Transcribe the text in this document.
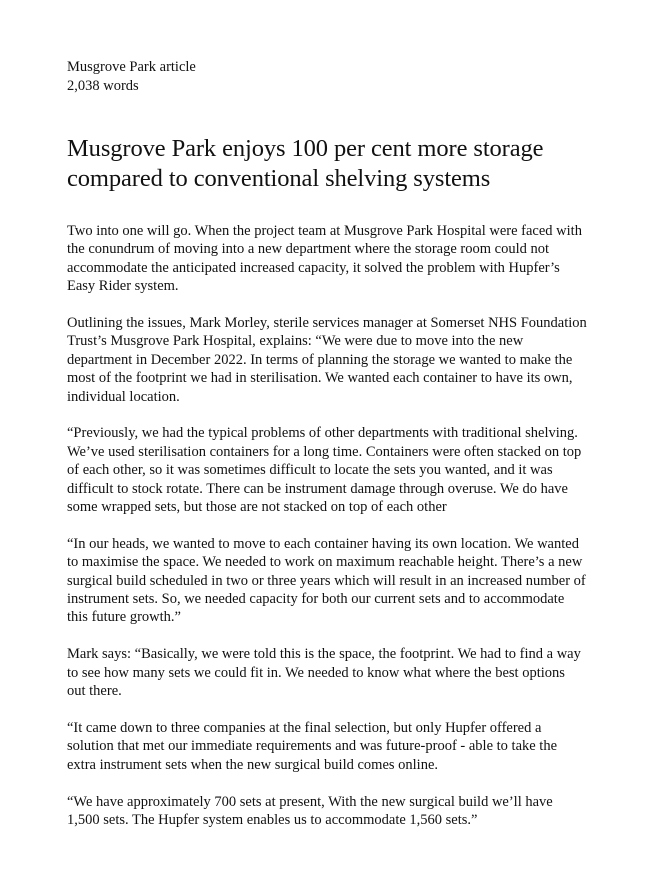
Musgrove Park article

2,038 words

Musgrove Park enjoys 100 per cent more storage
compared to conventional shelving systems

Two into one will go. When the project team at Musgrove Park Hospital were faced with the conundrum of moving into a new department where the storage room could not accommodate the anticipated increased capacity, it solved the problem with Hupfer’s Easy Rider system.

Outlining the issues, Mark Morley, sterile services manager at Somerset NHS Foundation Trust’s Musgrove Park Hospital, explains: “We were due to move into the new department in December 2022. In terms of planning the storage we wanted to make the most of the footprint we had in sterilisation. We wanted each container to have its own, individual location.

“Previously, we had the typical problems of other departments with traditional shelving. We’ve used sterilisation containers for a long time. Containers were often stacked on top of each other, so it was sometimes difficult to locate the sets you wanted, and it was difficult to stock rotate. There can be instrument damage through overuse. We do have some wrapped sets, but those are not stacked on top of each other

“In our heads, we wanted to move to each container having its own location. We wanted to maximise the space. We needed to work on maximum reachable height. There’s a new surgical build scheduled in two or three years which will result in an increased number of instrument sets. So, we needed capacity for both our current sets and to accommodate this future growth.”

Mark says: “Basically, we were told this is the space, the footprint. We had to find a way to see how many sets we could fit in. We needed to know what where the best options out there.

“It came down to three companies at the final selection, but only Hupfer offered a solution that met our immediate requirements and was future-proof - able to take the extra instrument sets when the new surgical build comes online.

“We have approximately 700 sets at present, With the new surgical build we’ll have 1,500 sets. The Hupfer system enables us to accommodate 1,560 sets.”
